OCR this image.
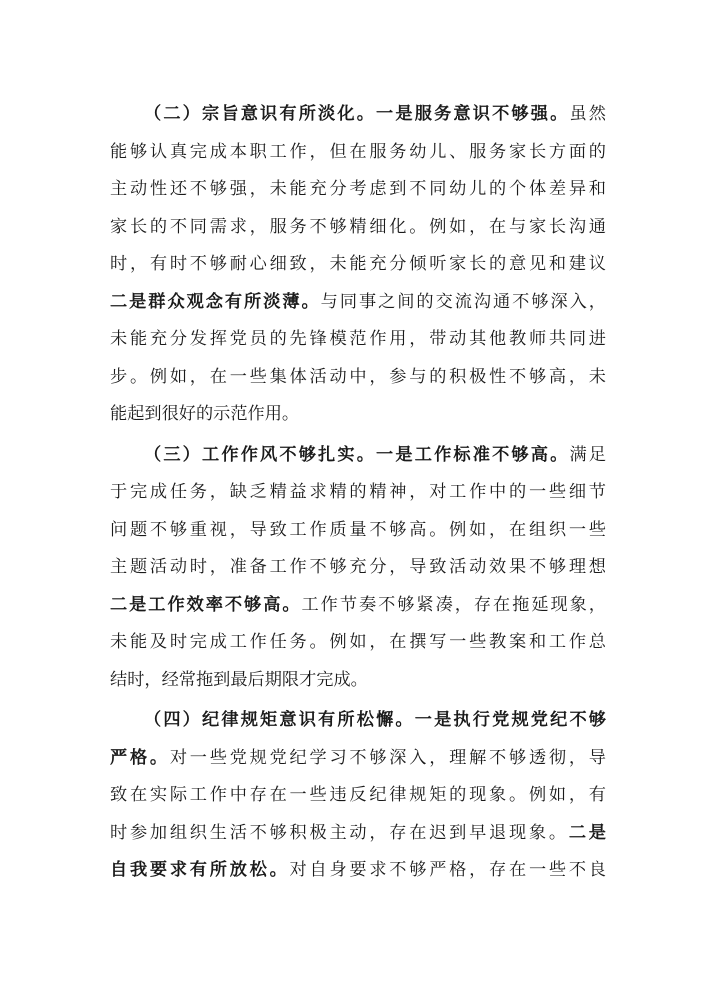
（二）宗旨意识有所淡化。一是服务意识不够强。虽然
能够认真完成本职工作，但在服务幼儿、服务家长方面的
主动性还不够强，未能充分考虑到不同幼儿的个体差异和
家长的不同需求，服务不够精细化。例如，在与家长沟通
时，有时不够耐心细致，未能充分倾听家长的意见和建议
二是群众观念有所淡薄。与同事之间的交流沟通不够深入，
未能充分发挥党员的先锋模范作用，带动其他教师共同进
步。例如，在一些集体活动中，参与的积极性不够高，未
能起到很好的示范作用。
（三）工作作风不够扎实。一是工作标准不够高。满足
于完成任务，缺乏精益求精的精神，对工作中的一些细节
问题不够重视，导致工作质量不够高。例如，在组织一些
主题活动时，准备工作不够充分，导致活动效果不够理想
二是工作效率不够高。工作节奏不够紧凑，存在拖延现象，
未能及时完成工作任务。例如，在撰写一些教案和工作总
结时，经常拖到最后期限才完成。
（四）纪律规矩意识有所松懈。一是执行党规党纪不够
严格。对一些党规党纪学习不够深入，理解不够透彻，导
致在实际工作中存在一些违反纪律规矩的现象。例如，有
时参加组织生活不够积极主动，存在迟到早退现象。二是
自我要求有所放松。对自身要求不够严格，存在一些不良
